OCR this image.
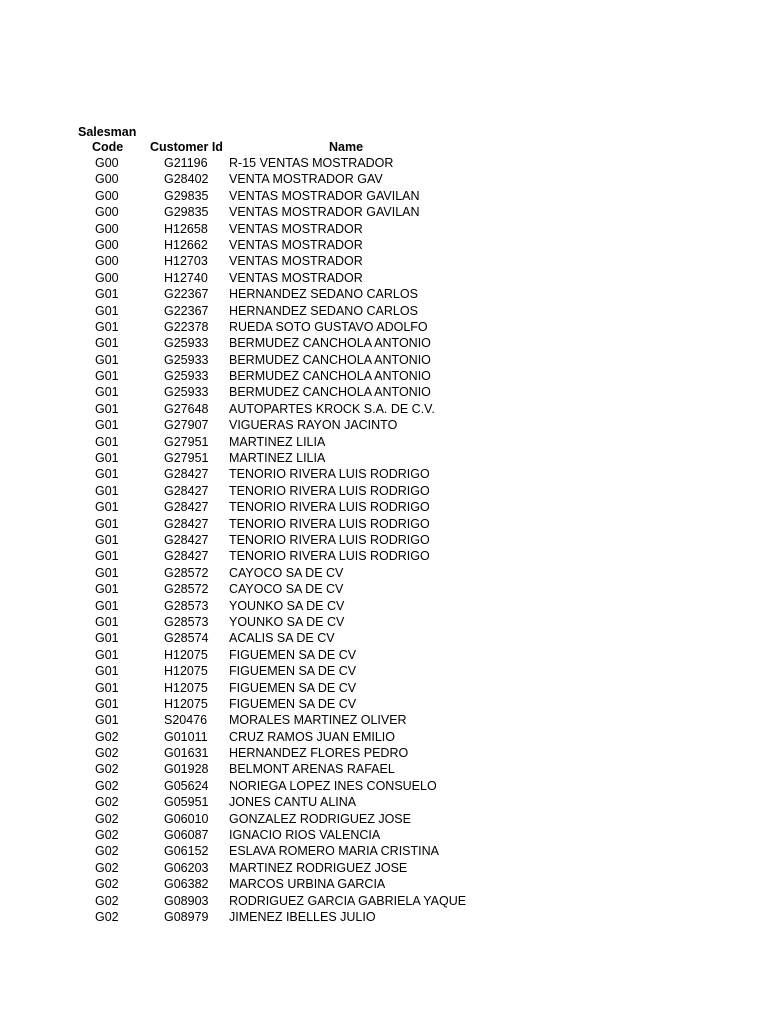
Salesman
Code Customer Id	Name
G00	G21196 R-15 VENTAS MOSTRADOR
G00	G28402 VENTA MOSTRADOR GAV
G00	G29835 VENTAS MOSTRADOR GAVILAN
G00	G29835 VENTAS MOSTRADOR GAVILAN
G00	H12658 VENTAS MOSTRADOR
G00	H12662 VENTAS MOSTRADOR
G00	H12703 VENTAS MOSTRADOR
G00	H12740 VENTAS MOSTRADOR
G01	G22367 HERNANDEZ SEDANO CARLOS
G01	G22367 HERNANDEZ SEDANO CARLOS
G01	G22378 RUEDA SOTO GUSTAVO ADOLFO
G01	G25933 BERMUDEZ CANCHOLA ANTONIO
G01	G25933 BERMUDEZ CANCHOLA ANTONIO
G01	G25933 BERMUDEZ CANCHOLA ANTONIO
G01	G25933 BERMUDEZ CANCHOLA ANTONIO
G01	G27648 AUTOPARTES KROCK S.A. DE C.V.
G01	G27907 VIGUERAS RAYON JACINTO
G01	G27951 MARTINEZ LILIA
G01	G27951 MARTINEZ LILIA
G01	G28427 TENORIO RIVERA LUIS RODRIGO
G01	G28427 TENORIO RIVERA LUIS RODRIGO
G01	G28427 TENORIO RIVERA LUIS RODRIGO
G01	G28427 TENORIO RIVERA LUIS RODRIGO
G01	G28427 TENORIO RIVERA LUIS RODRIGO
G01	G28427 TENORIO RIVERA LUIS RODRIGO
G01	G28572 CAYOCO SA DE CV
G01	G28572 CAYOCO SA DE CV
G01	G28573 YOUNKO SA DE CV
G01	G28573 YOUNKO SA DE CV
G01	G28574 ACALIS SA DE CV
G01	H12075 FIGUEMEN SA DE CV
G01	H12075 FIGUEMEN SA DE CV
G01	H12075 FIGUEMEN SA DE CV
G01	H12075 FIGUEMEN SA DE CV
G01	S20476 MORALES MARTINEZ OLIVER
G02	G01011 CRUZ RAMOS JUAN EMILIO
G02	G01631 HERNANDEZ FLORES PEDRO
G02	G01928 BELMONT ARENAS RAFAEL
G02	G05624 NORIEGA LOPEZ INES CONSUELO
G02	G05951 JONES CANTU ALINA
G02	G06010 GONZALEZ RODRIGUEZ JOSE
G02	G06087 IGNACIO RIOS VALENCIA
G02	G06152 ESLAVA ROMERO MARIA CRISTINA
G02	G06203 MARTINEZ RODRIGUEZ JOSE
G02	G06382 MARCOS URBINA GARCIA
G02	G08903 RODRIGUEZ GARCIA GABRIELA YAQUE
G02	G08979 JIMENEZ IBELLES JULIO
